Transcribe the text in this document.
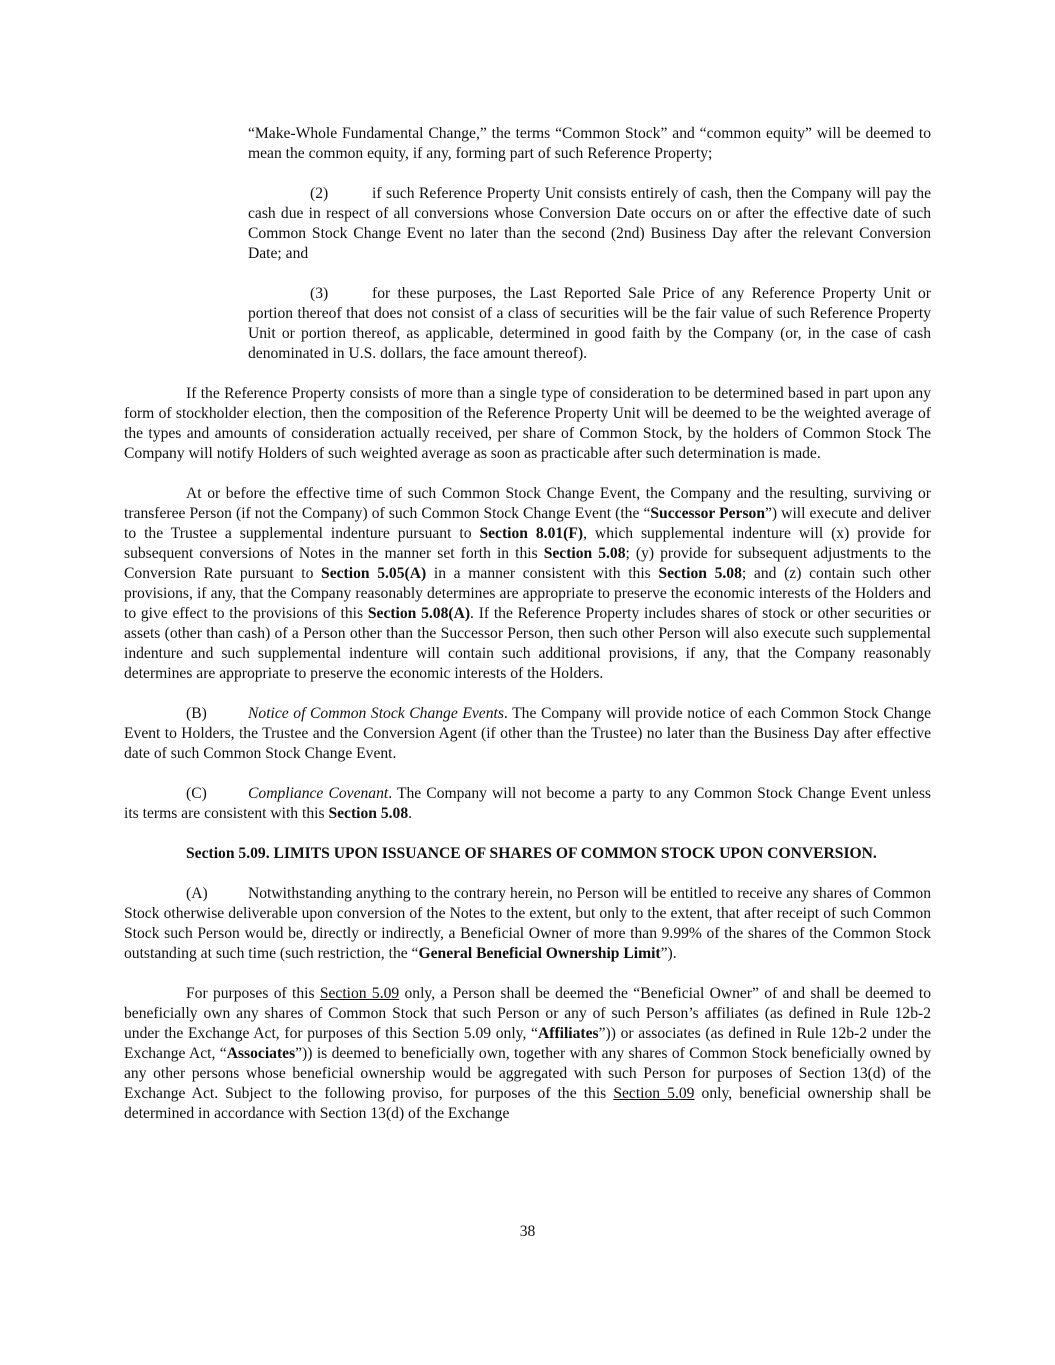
“Make-Whole Fundamental Change,” the terms “Common Stock” and “common equity” will be deemed to mean the common equity, if any, forming part of such Reference Property;

(2)	if such Reference Property Unit consists entirely of cash, then the Company will pay the cash due in respect of all conversions whose Conversion Date occurs on or after the effective date of such Common Stock Change Event no later than the second (2nd) Business Day after the relevant Conversion Date; and

(3)	for these purposes, the Last Reported Sale Price of any Reference Property Unit or portion thereof that does not consist of a class of securities will be the fair value of such Reference Property Unit or portion thereof, as applicable, determined in good faith by the Company (or, in the case of cash denominated in U.S. dollars, the face amount thereof).

If the Reference Property consists of more than a single type of consideration to be determined based in part upon any form of stockholder election, then the composition of the Reference Property Unit will be deemed to be the weighted average of the types and amounts of consideration actually received, per share of Common Stock, by the holders of Common Stock The Company will notify Holders of such weighted average as soon as practicable after such determination is made.

At or before the effective time of such Common Stock Change Event, the Company and the resulting, surviving or transferee Person (if not the Company) of such Common Stock Change Event (the “Successor Person”) will execute and deliver to the Trustee a supplemental indenture pursuant to Section 8.01(F), which supplemental indenture will (x) provide for subsequent conversions of Notes in the manner set forth in this Section 5.08; (y) provide for subsequent adjustments to the Conversion Rate pursuant to Section 5.05(A) in a manner consistent with this Section 5.08; and (z) contain such other provisions, if any, that the Company reasonably determines are appropriate to preserve the economic interests of the Holders and to give effect to the provisions of this Section 5.08(A). If the Reference Property includes shares of stock or other securities or assets (other than cash) of a Person other than the Successor Person, then such other Person will also execute such supplemental indenture and such supplemental indenture will contain such additional provisions, if any, that the Company reasonably determines are appropriate to preserve the economic interests of the Holders.

(B)	Notice of Common Stock Change Events. The Company will provide notice of each Common Stock Change Event to Holders, the Trustee and the Conversion Agent (if other than the Trustee) no later than the Business Day after effective date of such Common Stock Change Event.

(C)	Compliance Covenant. The Company will not become a party to any Common Stock Change Event unless its terms are consistent with this Section 5.08.

Section 5.09. LIMITS UPON ISSUANCE OF SHARES OF COMMON STOCK UPON CONVERSION.

(A)	Notwithstanding anything to the contrary herein, no Person will be entitled to receive any shares of Common Stock otherwise deliverable upon conversion of the Notes to the extent, but only to the extent, that after receipt of such Common Stock such Person would be, directly or indirectly, a Beneficial Owner of more than 9.99% of the shares of the Common Stock outstanding at such time (such restriction, the “General Beneficial Ownership Limit”).

For purposes of this Section 5.09 only, a Person shall be deemed the “Beneficial Owner” of and shall be deemed to beneficially own any shares of Common Stock that such Person or any of such Person’s affiliates (as defined in Rule 12b-2 under the Exchange Act, for purposes of this Section 5.09 only, “Affiliates”)) or associates (as defined in Rule 12b-2 under the Exchange Act, “Associates”)) is deemed to beneficially own, together with any shares of Common Stock beneficially owned by any other persons whose beneficial ownership would be aggregated with such Person for purposes of Section 13(d) of the Exchange Act. Subject to the following proviso, for purposes of the this Section 5.09 only, beneficial ownership shall be determined in accordance with Section 13(d) of the Exchange

38
